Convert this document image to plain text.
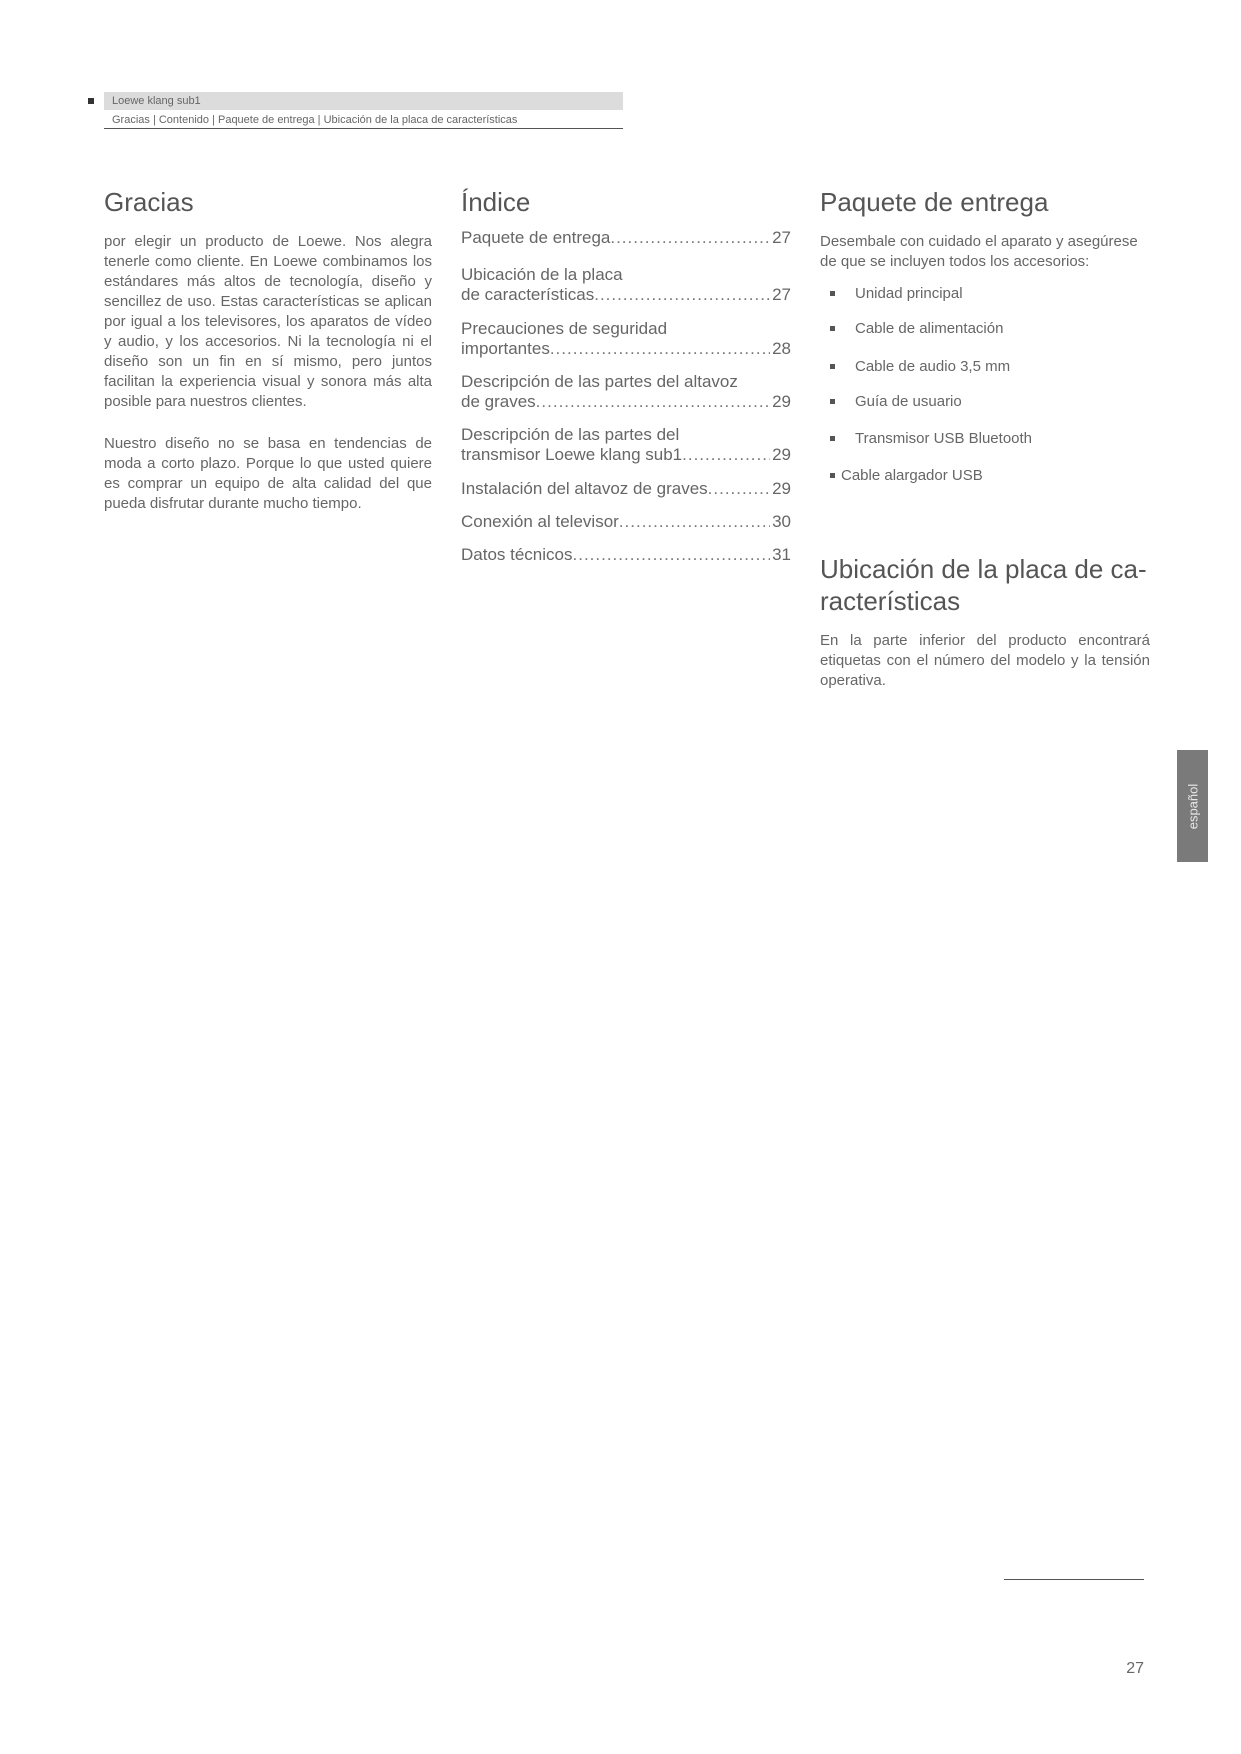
Loewe klang sub1
Gracias | Contenido | Paquete de entrega | Ubicación de la placa de características
Gracias

por elegir un producto de Loewe. Nos alegra tenerle como cliente. En Loewe combinamos los estándares más altos de tecnología, diseño y sencillez de uso. Estas características se aplican por igual a los televisores, los aparatos de vídeo y audio, y los accesorios. Ni la tecnología ni el diseño son un fin en sí mismo, pero juntos facilitan la experiencia visual y sonora más alta posible para nuestros clientes.

Nuestro diseño no se basa en tendencias de moda a corto plazo. Porque lo que usted quiere es comprar un equipo de alta calidad del que pueda disfrutar durante mucho tiempo.

Índice
Paquete de entrega .....	27
Ubicación de la placa
de características .....	27
Precauciones de seguridad
importantes .....	28
Descripción de las partes del altavoz
de graves .....	29
Descripción de las partes del
transmisor Loewe klang sub1 .....	29
Instalación del altavoz de graves .....	29
Conexión al televisor .....	30
Datos técnicos .....	31
Paquete de entrega

Desembale con cuidado el aparato y asegúrese de que se incluyen todos los accesorios:

Unidad principal
Cable de alimentación
Cable de audio 3,5 mm
Guía de usuario
Transmisor USB Bluetooth
Cable alargador USB
Ubicación de la placa de ca-
racterísticas

En la parte inferior del producto encontrará etiquetas con el número del modelo y la tensión operativa.

español
27
